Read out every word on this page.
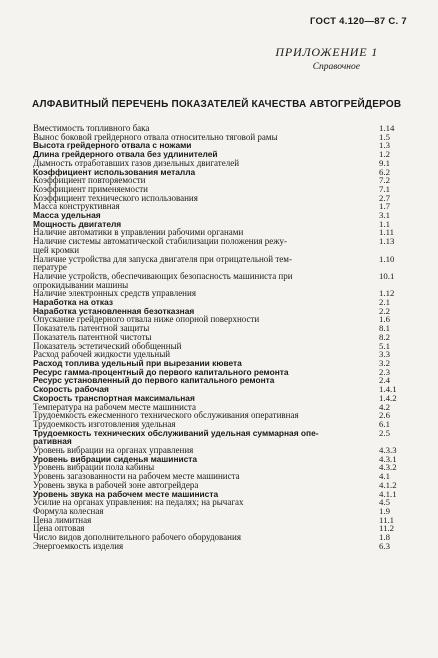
ГОСТ 4.120—87 С. 7
ПРИЛОЖЕНИЕ 1
Справочное
АЛФАВИТНЫЙ ПЕРЕЧЕНЬ ПОКАЗАТЕЛЕЙ КАЧЕСТВА АВТОГРЕЙДЕРОВ
Вместимость топливного бака	1.14
Вынос боковой грейдерного отвала относительно тяговой рамы	1.5
Высота грейдерного отвала с ножами	1.3
Длина грейдерного отвала без удлинителей	1.2
Дымность отработавших газов дизельных двигателей	9.1
Коэффициент использования металла	6.2
Коэффициент повторяемости	7.2
Коэффициент применяемости	7.1
Коэффициент технического использования	2.7
Масса конструктивная	1.7
Масса удельная	3.1
Мощность двигателя	1.1
Наличие автоматики в управлении рабочими органами	1.11
Наличие системы автоматической стабилизации положения режу-	1.13
щей кромки
Наличие устройства для запуска двигателя при отрицательной тем-	1.10
пературе
Наличие устройств, обеспечивающих безопасность машиниста при	10.1
опрокидывании машины
Наличие электронных средств управления	1.12
Наработка на отказ	2.1
Наработка установленная безотказная	2.2
Опускание грейдерного отвала ниже опорной поверхности	1.6
Показатель патентной защиты	8.1
Показатель патентной чистоты	8.2
Показатель эстетический обобщенный	5.1
Расход рабочей жидкости удельный	3.3
Расход топлива удельный при вырезании кювета	3.2
Ресурс гамма-процентный до первого капитального ремонта	2.3
Ресурс установленный до первого капитального ремонта	2.4
Скорость рабочая	1.4.1
Скорость транспортная максимальная	1.4.2
Температура на рабочем месте машиниста	4.2
Трудоемкость ежесменного технического обслуживания оперативная	2.6
Трудоемкость изготовления удельная	6.1
Трудоемкость технических обслуживаний удельная суммарная опе-	2.5
ративная
Уровень вибрации на органах управления	4.3.3
Уровень вибрации сиденья машиниста	4.3.1
Уровень вибрации пола кабины	4.3.2
Уровень загазованности на рабочем месте машиниста	4.1
Уровень звука в рабочей зоне автогрейдера	4.1.2
Уровень звука на рабочем месте машиниста	4.1.1
Усилие на органах управления: на педалях; на рычагах	4.5
Формула колесная	1.9
Цена лимитная	11.1
Цена оптовая	11.2
Число видов дополнительного рабочего оборудования	1.8
Энергоемкость изделия	6.3
